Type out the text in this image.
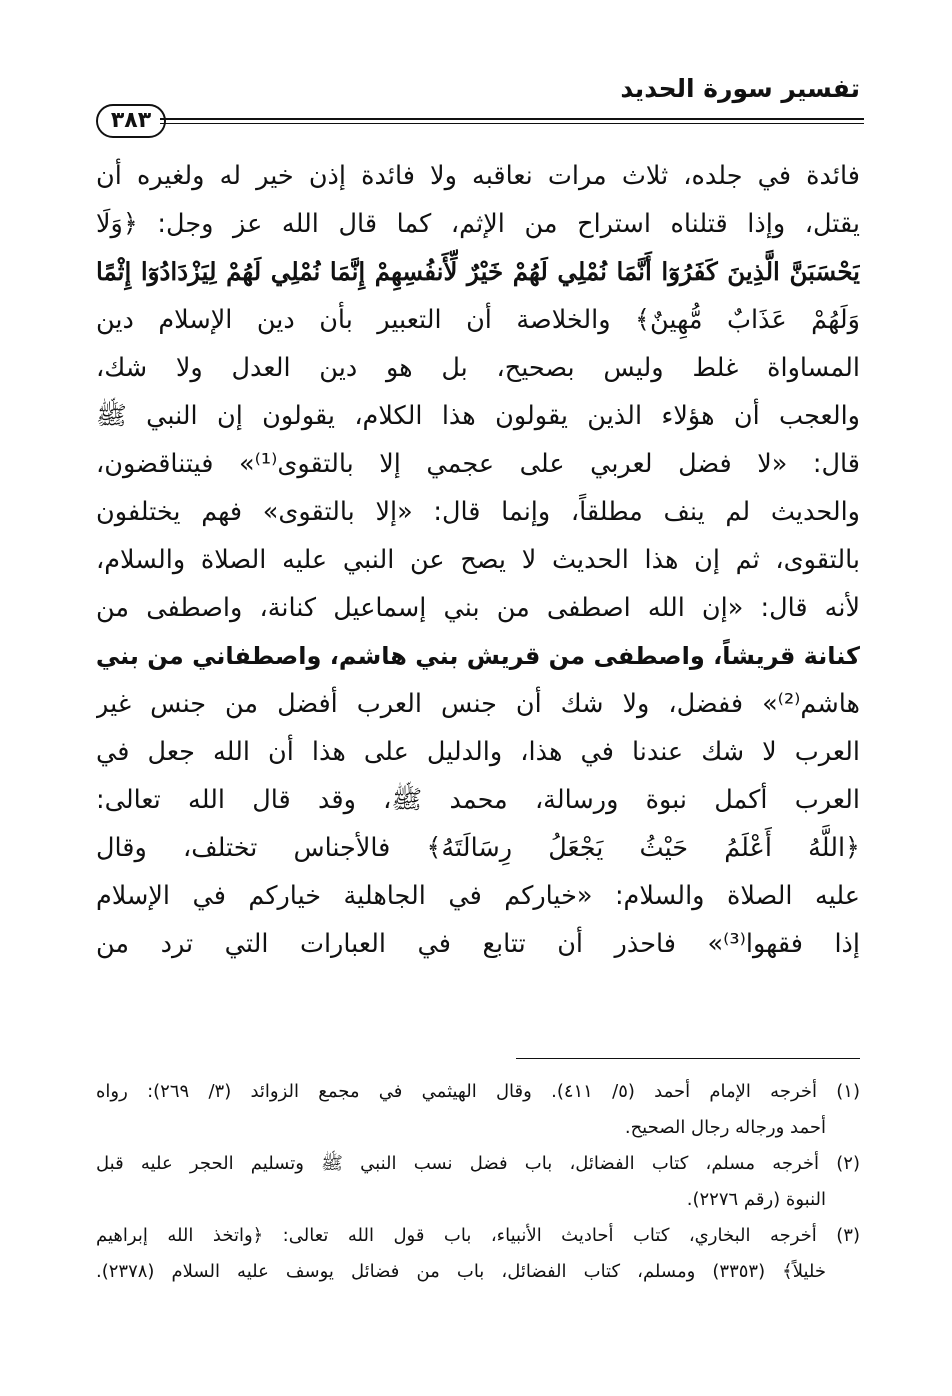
تفسير سورة الحديد
٣٨٣
فائدة في جلده، ثلاث مرات نعاقبه ولا فائدة إذن خير له ولغيره أن
يقتل، وإذا قتلناه استراح من الإثم، كما قال الله عز وجل: ﴿وَلَا
يَحْسَبَنَّ الَّذِينَ كَفَرُوٓا أَنَّمَا نُمْلِي لَهُمْ خَيْرٌ لِّأَنفُسِهِمْ إِنَّمَا نُمْلِي لَهُمْ لِيَزْدَادُوٓا إِثْمًا
وَلَهُمْ عَذَابٌ مُّهِينٌ﴾ والخلاصة أن التعبير بأن دين الإسلام دين
المساواة غلط وليس بصحيح، بل هو دين العدل ولا شك،
والعجب أن هؤلاء الذين يقولون هذا الكلام، يقولون إن النبي ﷺ
قال: «لا فضل لعربي على عجمي إلا بالتقوى⁽¹⁾» فيتناقضون،
والحديث لم ينف مطلقاً، وإنما قال: «إلا بالتقوى» فهم يختلفون
بالتقوى، ثم إن هذا الحديث لا يصح عن النبي عليه الصلاة والسلام،
لأنه قال: «إن الله اصطفى من بني إسماعيل كنانة، واصطفى من
كنانة قريشاً، واصطفى من قريش بني هاشم، واصطفاني من بني
هاشم⁽²⁾» ففضل، ولا شك أن جنس العرب أفضل من جنس غير
العرب لا شك عندنا في هذا، والدليل على هذا أن الله جعل في
العرب أكمل نبوة ورسالة، محمد ﷺ، وقد قال الله تعالى:
﴿اللَّهُ أَعْلَمُ حَيْثُ يَجْعَلُ رِسَالَتَهُ﴾ فالأجناس تختلف، وقال
عليه الصلاة والسلام: «خياركم في الجاهلية خياركم في الإسلام
إذا فقهوا⁽³⁾» فاحذر أن تتابع في العبارات التي ترد من
(١) أخرجه الإمام أحمد (٥/ ٤١١). وقال الهيثمي في مجمع الزوائد (٣/ ٢٦٩): رواه
أحمد ورجاله رجال الصحيح.
(٢) أخرجه مسلم، كتاب الفضائل، باب فضل نسب النبي ﷺ وتسليم الحجر عليه قبل
النبوة (رقم ٢٢٧٦).
(٣) أخرجه البخاري، كتاب أحاديث الأنبياء، باب قول الله تعالى: ﴿واتخذ الله إبراهيم
خليلاً﴾ (٣٣٥٣) ومسلم، كتاب الفضائل، باب من فضائل يوسف عليه السلام (٢٣٧٨).
